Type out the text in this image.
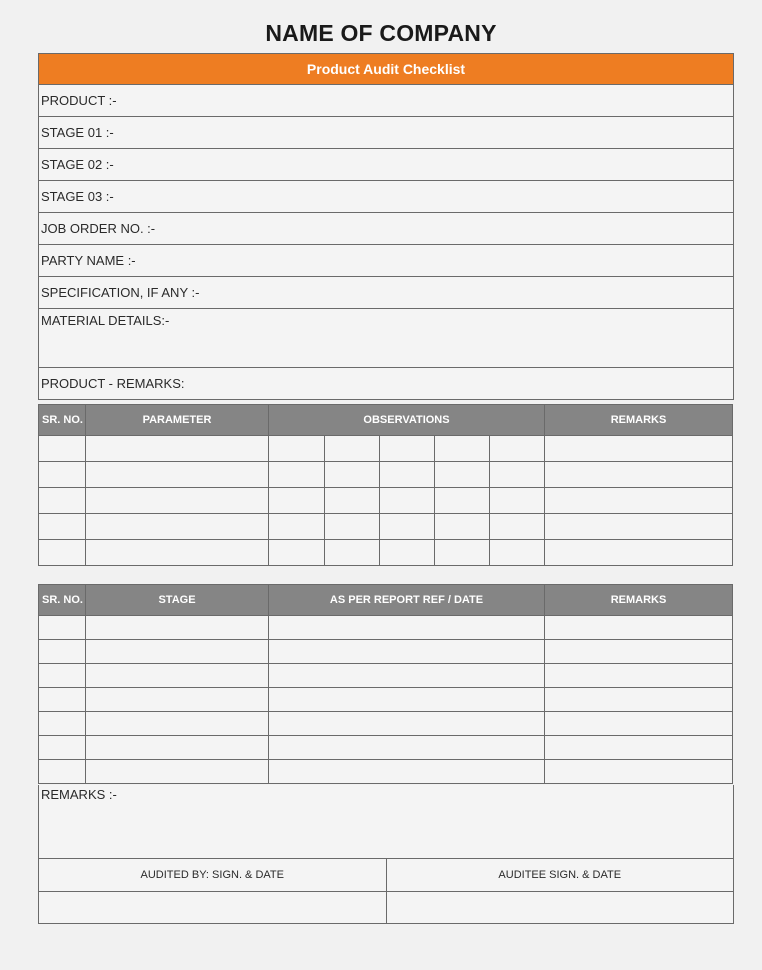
NAME OF COMPANY
Product Audit Checklist
PRODUCT :-
STAGE 01 :-
STAGE 02 :-
STAGE 03 :-
JOB ORDER NO. :-
PARTY NAME :-
SPECIFICATION, IF ANY :-
MATERIAL DETAILS:-
PRODUCT - REMARKS:
SR. NO.	PARAMETER	OBSERVATIONS					REMARKS

SR. NO.	STAGE	AS PER REPORT REF / DATE	REMARKS

REMARKS :-
AUDITED BY: SIGN. & DATE	AUDITEE SIGN. & DATE
